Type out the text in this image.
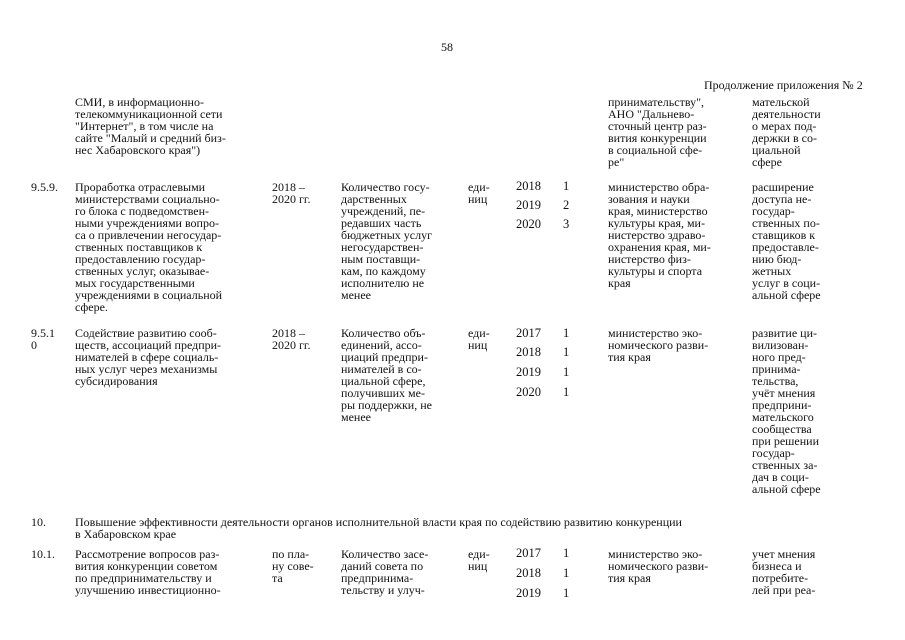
58
Продолжение приложения № 2
СМИ, в информационно-
телекоммуникационной сети
"Интернет", в том числе на
сайте "Малый и средний биз-
нес Хабаровского края")
принимательству",
АНО "Дальнево-
сточный центр раз-
вития конкуренции
в социальной сфе-
ре"
мательской
деятельности
о мерах под-
держки в со-
циальной
сфере
9.5.9. Проработка отраслевыми
министерствами социально-
го блока с подведомствен-
ными учреждениями вопро-
са о привлечении негосудар-
ственных поставщиков к
предоставлению государ-
ственных услуг, оказывае-
мых государственными
учреждениями в социальной
сфере.
2018 –
2020 гг.
Количество госу-
дарственных
учреждений, пе-
редавших часть
бюджетных услуг
негосударствен-
ным поставщи-
кам, по каждому
исполнителю не
менее
еди-
ниц
2018 1
2019 2
2020 3
министерство обра-
зования и науки
края, министерство
культуры края, ми-
нистерство здраво-
охранения края, ми-
нистерство физ-
культуры и спорта
края
расширение
доступа не-
государ-
ственных по-
ставщиков к
предоставле-
нию бюд-
жетных
услуг в соци-
альной сфере
9.5.1
0
Содействие развитию сооб-
ществ, ассоциаций предпри-
нимателей в сфере социаль-
ных услуг через механизмы
субсидирования
2018 –
2020 гг.
Количество объ-
единений, ассо-
циаций предпри-
нимателей в со-
циальной сфере,
получивших ме-
ры поддержки, не
менее
еди-
ниц
2017 1
2018 1
2019 1
2020 1
министерство эко-
номического разви-
тия края
развитие ци-
вилизован-
ного пред-
принима-
тельства,
учёт мнения
предприни-
мательского
сообщества
при решении
государ-
ственных за-
дач в соци-
альной сфере
10. Повышение эффективности деятельности органов исполнительной власти края по содействию развитию конкуренции
в Хабаровском крае
10.1. Рассмотрение вопросов раз-
вития конкуренции советом
по предпринимательству и
улучшению инвестиционно-
по пла-
ну сове-
та
Количество засе-
даний совета по
предпринима-
тельству и улуч-
еди-
ниц
2017 1
2018 1
2019 1
министерство эко-
номического разви-
тия края
учет мнения
бизнеса и
потребите-
лей при реа-
